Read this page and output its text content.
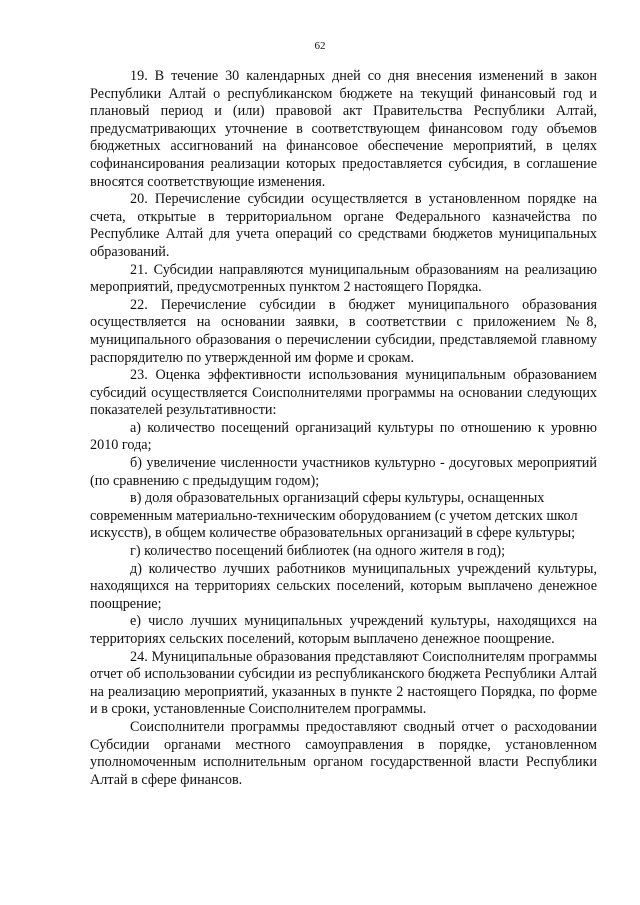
62

19. В течение 30 календарных дней со дня внесения изменений в закон Республики Алтай о республиканском бюджете на текущий финансовый год и плановый период и (или) правовой акт Правительства Республики Алтай, предусматривающих уточнение в соответствующем финансовом году объемов бюджетных ассигнований на финансовое обеспечение мероприятий, в целях софинансирования реализации которых предоставляется субсидия, в соглашение вносятся соответствующие изменения.

20. Перечисление субсидии осуществляется в установленном порядке на счета, открытые в территориальном органе Федерального казначейства по Республике Алтай для учета операций со средствами бюджетов муниципальных образований.

21. Субсидии направляются муниципальным образованиям на реализацию мероприятий, предусмотренных пунктом 2 настоящего Порядка.

22. Перечисление субсидии в бюджет муниципального образования осуществляется на основании заявки, в соответствии с приложением №8, муниципального образования о перечислении субсидии, представляемой главному распорядителю по утвержденной им форме и срокам.

23. Оценка эффективности использования муниципальным образованием субсидий осуществляется Соисполнителями программы на основании следующих показателей результативности:

а) количество посещений организаций культуры по отношению к уровню 2010 года;

б) увеличение численности участников культурно - досуговых мероприятий (по сравнению с предыдущим годом);

в) доля образовательных организаций сферы культуры, оснащенных современным материально-техническим оборудованием (с учетом детских школ искусств), в общем количестве образовательных организаций в сфере культуры;

г) количество посещений библиотек (на одного жителя в год);

д) количество лучших работников муниципальных учреждений культуры, находящихся на территориях сельских поселений, которым выплачено денежное поощрение;

е) число лучших муниципальных учреждений культуры, находящихся на территориях сельских поселений, которым выплачено денежное поощрение.

24. Муниципальные образования представляют Соисполнителям программы отчет об использовании субсидии из республиканского бюджета Республики Алтай на реализацию мероприятий, указанных в пункте 2 настоящего Порядка, по форме и в сроки, установленные Соисполнителем программы.

Соисполнители программы предоставляют сводный отчет о расходовании Субсидии органами местного самоуправления в порядке, установленном уполномоченным исполнительным органом государственной власти Республики Алтай в сфере финансов.
